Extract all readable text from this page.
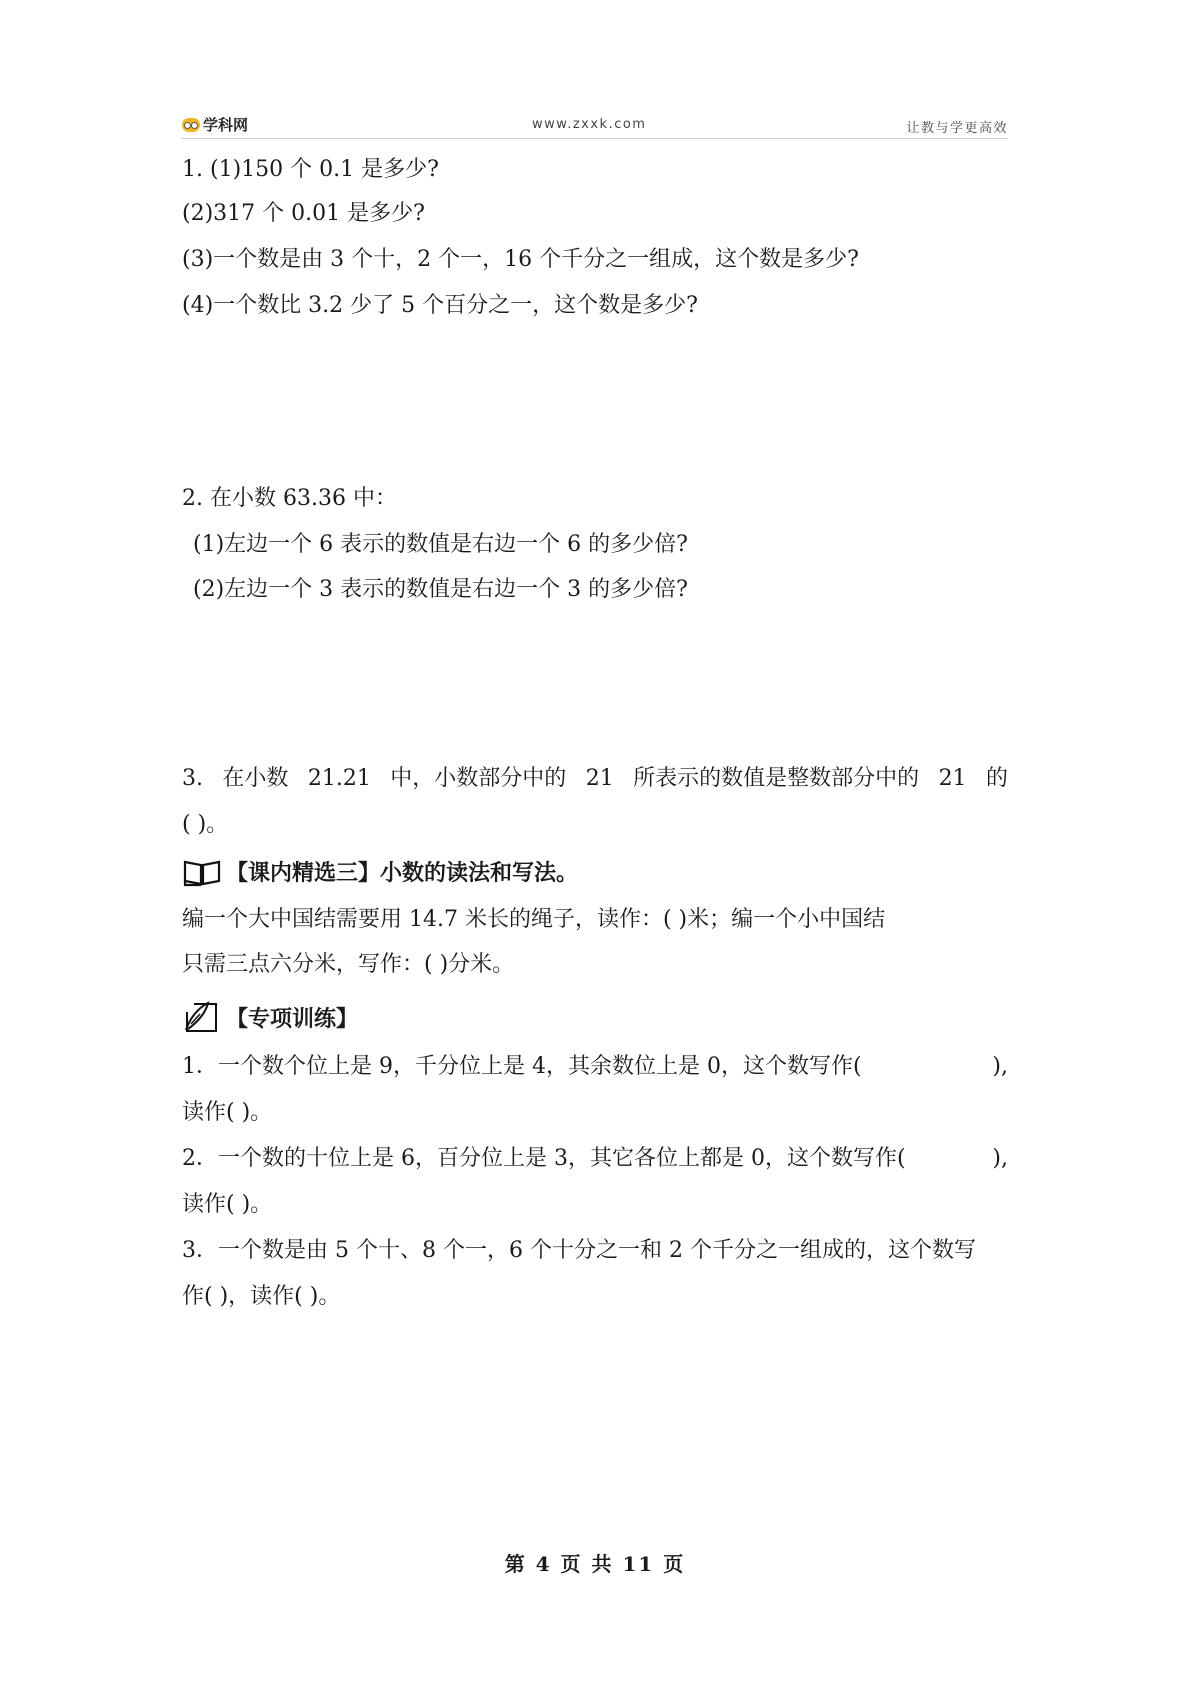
学科网	www.zxxk.com	让教与学更高效
1. (1)150 个 0.1 是多少?
(2)317 个 0.01 是多少?
(3)一个数是由 3 个十，2 个一，16 个千分之一组成，这个数是多少?
(4)一个数比 3.2 少了 5 个百分之一，这个数是多少?
2. 在小数 63.36 中：
(1)左边一个 6 表示的数值是右边一个 6 的多少倍?
(2)左边一个 3 表示的数值是右边一个 3 的多少倍?
3. 在小数 21.21 中，小数部分中的 21 所表示的数值是整数部分中的 21 的
( )。
【课内精选三】小数的读法和写法。
编一个大中国结需要用 14.7 米长的绳子，读作：( )米；编一个小中国结
只需三点六分米，写作：( )分米。
【专项训练】
1．一个数个位上是 9，千分位上是 4，其余数位上是 0，这个数写作(	),
读作( )。
2．一个数的十位上是 6，百分位上是 3，其它各位上都是 0，这个数写作(	),
读作( )。
3．一个数是由 5 个十、8 个一，6 个十分之一和 2 个千分之一组成的，这个数写
作( )，读作( )。
第 4 页 共 11 页
